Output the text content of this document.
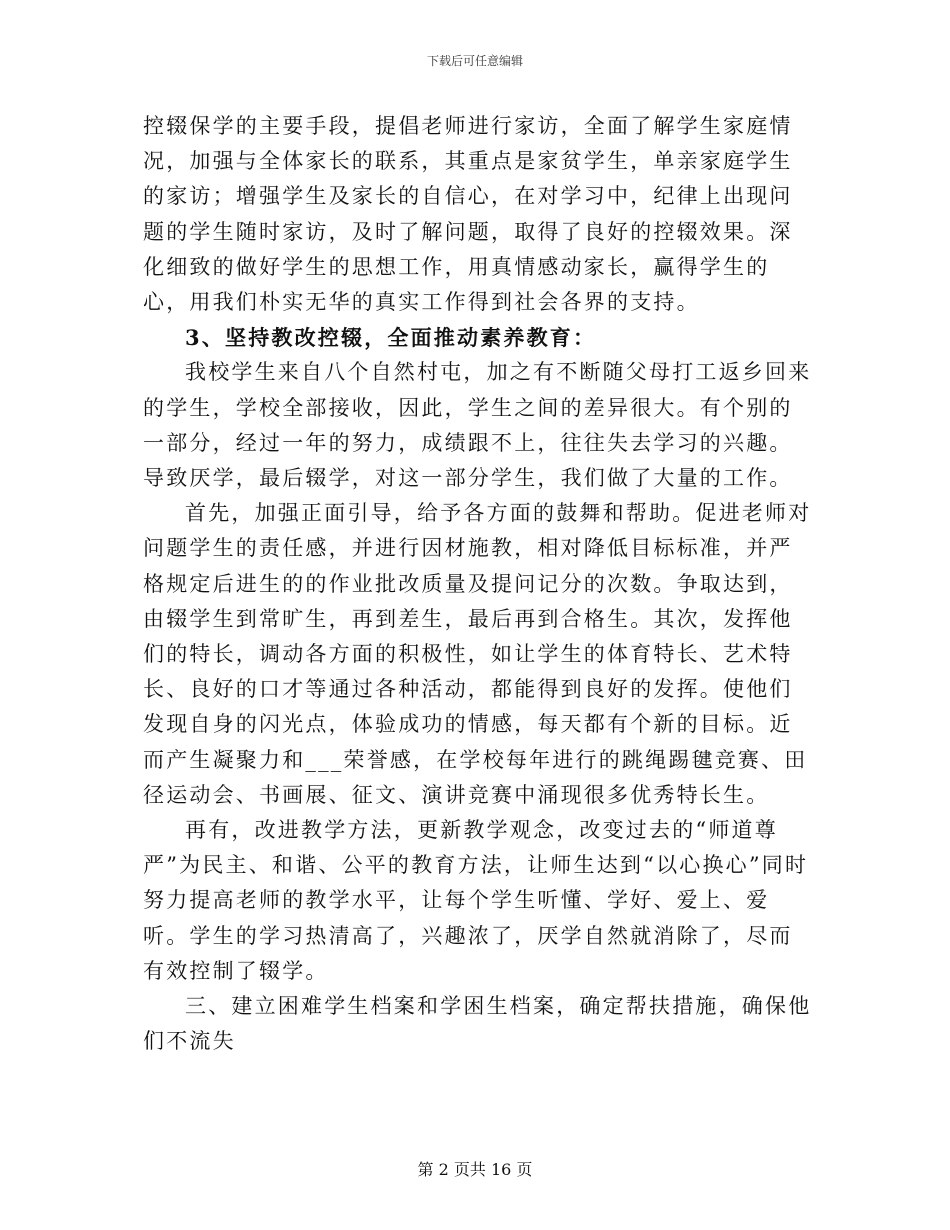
下载后可任意编辑

控辍保学的主要手段，提倡老师进行家访，全面了解学生家庭情况，加强与全体家长的联系，其重点是家贫学生，单亲家庭学生的家访；增强学生及家长的自信心，在对学习中，纪律上出现问题的学生随时家访，及时了解问题，取得了良好的控辍效果。深化细致的做好学生的思想工作，用真情感动家长，赢得学生的心，用我们朴实无华的真实工作得到社会各界的支持。

3、坚持教改控辍，全面推动素养教育：

我校学生来自八个自然村屯，加之有不断随父母打工返乡回来的学生，学校全部接收，因此，学生之间的差异很大。有个别的一部分，经过一年的努力，成绩跟不上，往往失去学习的兴趣。导致厌学，最后辍学，对这一部分学生，我们做了大量的工作。

首先，加强正面引导，给予各方面的鼓舞和帮助。促进老师对问题学生的责任感，并进行因材施教，相对降低目标标准，并严格规定后进生的的作业批改质量及提问记分的次数。争取达到，由辍学生到常旷生，再到差生，最后再到合格生。其次，发挥他们的特长，调动各方面的积极性，如让学生的体育特长、艺术特长、良好的口才等通过各种活动，都能得到良好的发挥。使他们发现自身的闪光点，体验成功的情感，每天都有个新的目标。近而产生凝聚力和___荣誉感，在学校每年进行的跳绳踢毽竞赛、田径运动会、书画展、征文、演讲竞赛中涌现很多优秀特长生。

再有，改进教学方法，更新教学观念，改变过去的“师道尊严”为民主、和谐、公平的教育方法，让师生达到“以心换心”同时努力提高老师的教学水平，让每个学生听懂、学好、爱上、爱听。学生的学习热清高了，兴趣浓了，厌学自然就消除了，尽而有效控制了辍学。

三、建立困难学生档案和学困生档案，确定帮扶措施，确保他们不流失

第 2 页共 16 页
